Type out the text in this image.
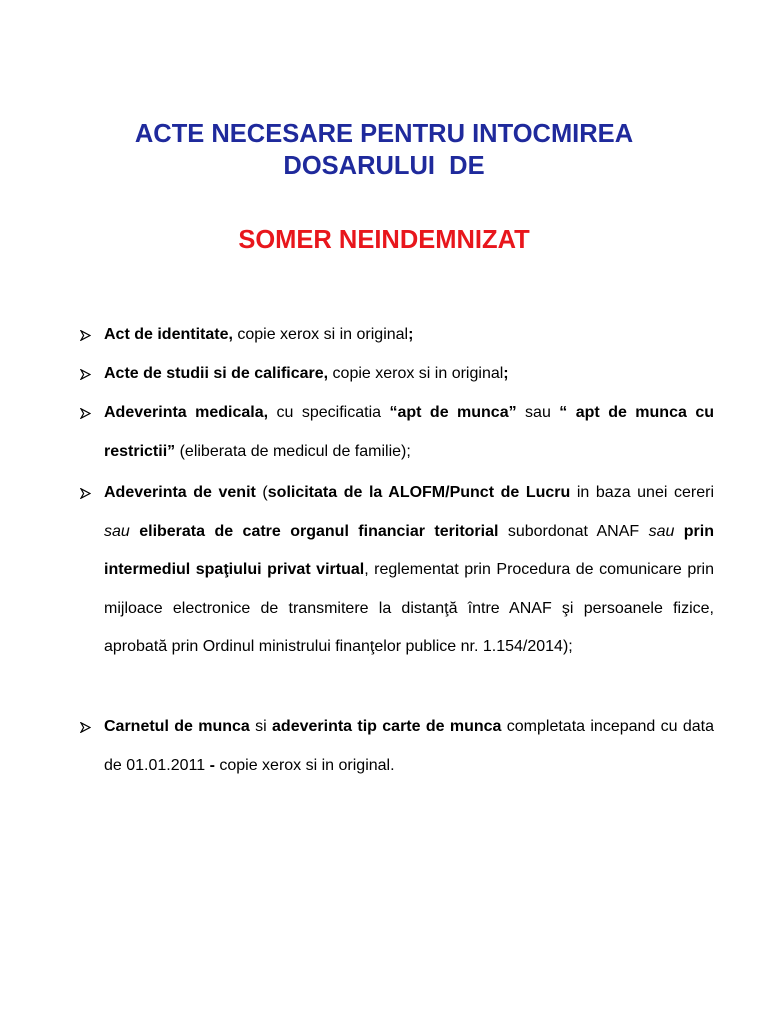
ACTE NECESARE PENTRU INTOCMIREA
DOSARULUI  DE
SOMER NEINDEMNIZAT
Act de identitate, copie xerox si in original;
Acte de studii si de calificare, copie xerox si in original;
Adeverinta medicala, cu specificatia “apt de munca” sau “ apt de munca cu restrictii” (eliberata de medicul de familie);
Adeverinta de venit (solicitata de la ALOFM/Punct de Lucru in baza unei cereri sau eliberata de catre organul financiar teritorial subordonat ANAF sau prin intermediul spaţiului privat virtual, reglementat prin Procedura de comunicare prin mijloace electronice de transmitere la distanţă între ANAF şi persoanele fizice, aprobată prin Ordinul ministrului finanţelor publice nr. 1.154/2014);
Carnetul de munca si adeverinta tip carte de munca completata incepand cu data de 01.01.2011 - copie xerox si in original.
